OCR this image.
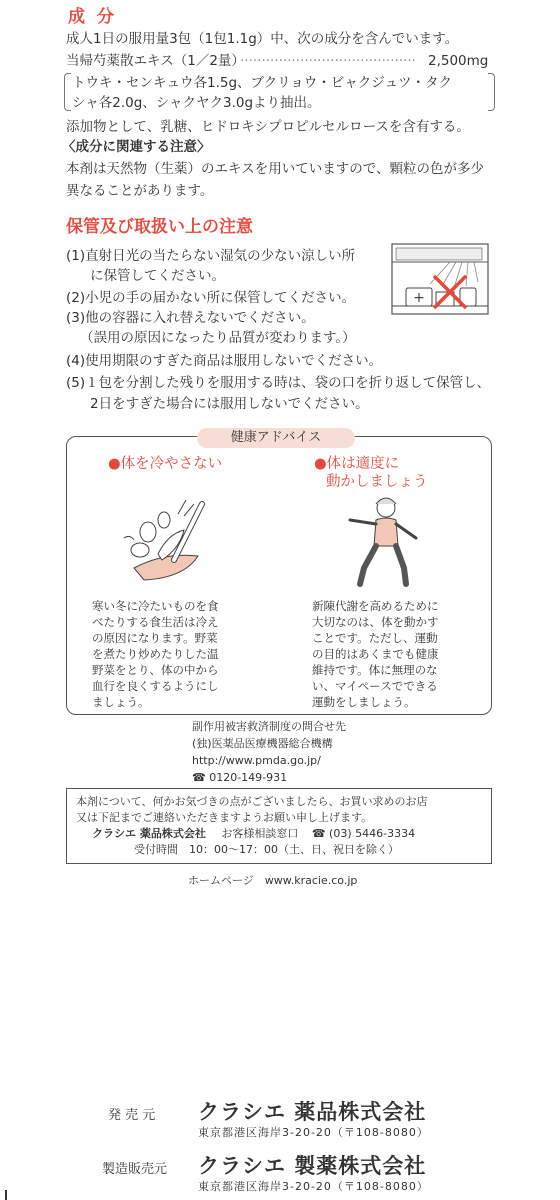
成 分
成人1日の服用量3包（1包1.1g）中、次の成分を含んでいます。
当帰芍薬散エキス（1／2量）
········································· 2,500mg
トウキ・センキュウ各1.5g、ブクリョウ・ビャクジュツ・タク
シャ各2.0g、シャクヤク3.0gより抽出。
添加物として、乳糖、ヒドロキシプロピルセルロースを含有する。
〈成分に関連する注意〉
本剤は天然物（生薬）のエキスを用いていますので、顆粒の色が多少
異なることがあります。
保管及び取扱い上の注意
(1)直射日光の当たらない湿気の少ない涼しい所
に保管してください。
(2)小児の手の届かない所に保管してください。
(3)他の容器に入れ替えないでください。
（誤用の原因になったり品質が変わります。）
(4)使用期限のすぎた商品は服用しないでください。
(5)１包を分割した残りを服用する時は、袋の口を折り返して保管し、
2日をすぎた場合には服用しないでください。
+
健康アドバイス
●体を冷やさない	●体は適度に
動かしましょう
寒い冬に冷たいものを食
べたりする食生活は冷え
の原因になります。野菜
を煮たり炒めたりした温
野菜をとり、体の中から
血行を良くするようにし
ましょう。
新陳代謝を高めるために
大切なのは、体を動かす
ことです。ただし、運動
の目的はあくまでも健康
維持です。体に無理のな
い、マイペースでできる
運動をしましょう。
副作用被害救済制度の問合せ先
(独)医薬品医療機器総合機構
http://www.pmda.go.jp/
☎ 0120-149-931
本剤について、何かお気づきの点がございましたら、お買い求めのお店
又は下記までご連絡いただきますようお願い申し上げます。
クラシエ 薬品株式会社 お客様相談窓口 ☎ (03) 5446-3334
受付時間　10：00〜17：00（土、日、祝日を除く）
ホームページ　www.kracie.co.jp
発 売 元 クラシエ 薬品株式会社
東京都港区海岸3-20-20（〒108-8080）
製造販売元 クラシエ 製薬株式会社
東京都港区海岸3-20-20（〒108-8080）
